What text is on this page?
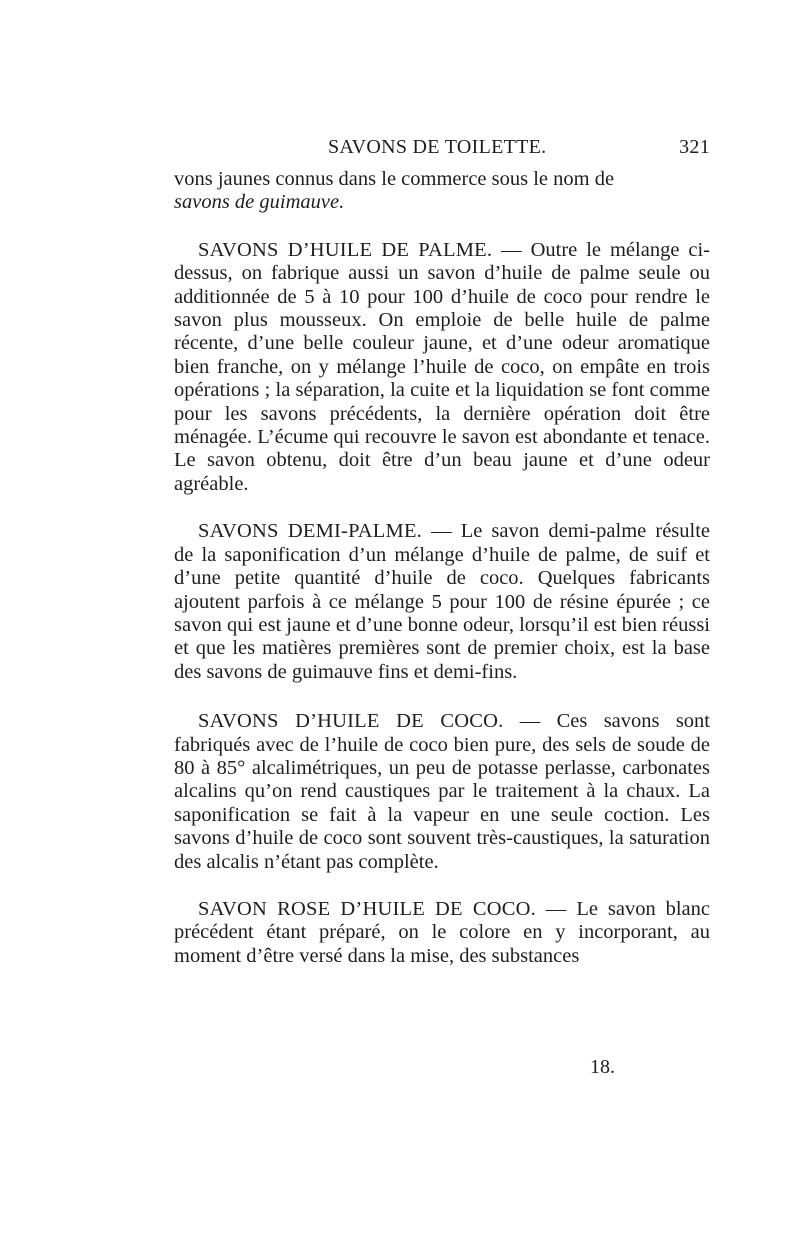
SAVONS DE TOILETTE.	321

vons jaunes connus dans le commerce sous le nom de
savons de guimauve.

SAVONS D’HUILE DE PALME. — Outre le mélange ci-dessus, on fabrique aussi un savon d’huile de palme seule ou additionnée de 5 à 10 pour 100 d’huile de coco pour rendre le savon plus mousseux. On emploie de belle huile de palme récente, d’une belle couleur jaune, et d’une odeur aromatique bien franche, on y mélange l’huile de coco, on empâte en trois opérations ; la séparation, la cuite et la liquidation se font comme pour les savons précédents, la dernière opération doit être ménagée. L’écume qui recouvre le savon est abondante et tenace. Le savon obtenu, doit être d’un beau jaune et d’une odeur agréable.

SAVONS DEMI-PALME. — Le savon demi-palme résulte de la saponification d’un mélange d’huile de palme, de suif et d’une petite quantité d’huile de coco. Quelques fabricants ajoutent parfois à ce mélange 5 pour 100 de résine épurée ; ce savon qui est jaune et d’une bonne odeur, lorsqu’il est bien réussi et que les matières premières sont de premier choix, est la base des savons de guimauve fins et demi-fins.

SAVONS D’HUILE DE COCO. — Ces savons sont fabriqués avec de l’huile de coco bien pure, des sels de soude de 80 à 85° alcalimétriques, un peu de potasse perlasse, carbonates alcalins qu’on rend caustiques par le traitement à la chaux. La saponification se fait à la vapeur en une seule coction. Les savons d’huile de coco sont souvent très-caustiques, la saturation des alcalis n’étant pas complète.

SAVON ROSE D’HUILE DE COCO. — Le savon blanc précédent étant préparé, on le colore en y incorporant, au moment d’être versé dans la mise, des substances

18.
